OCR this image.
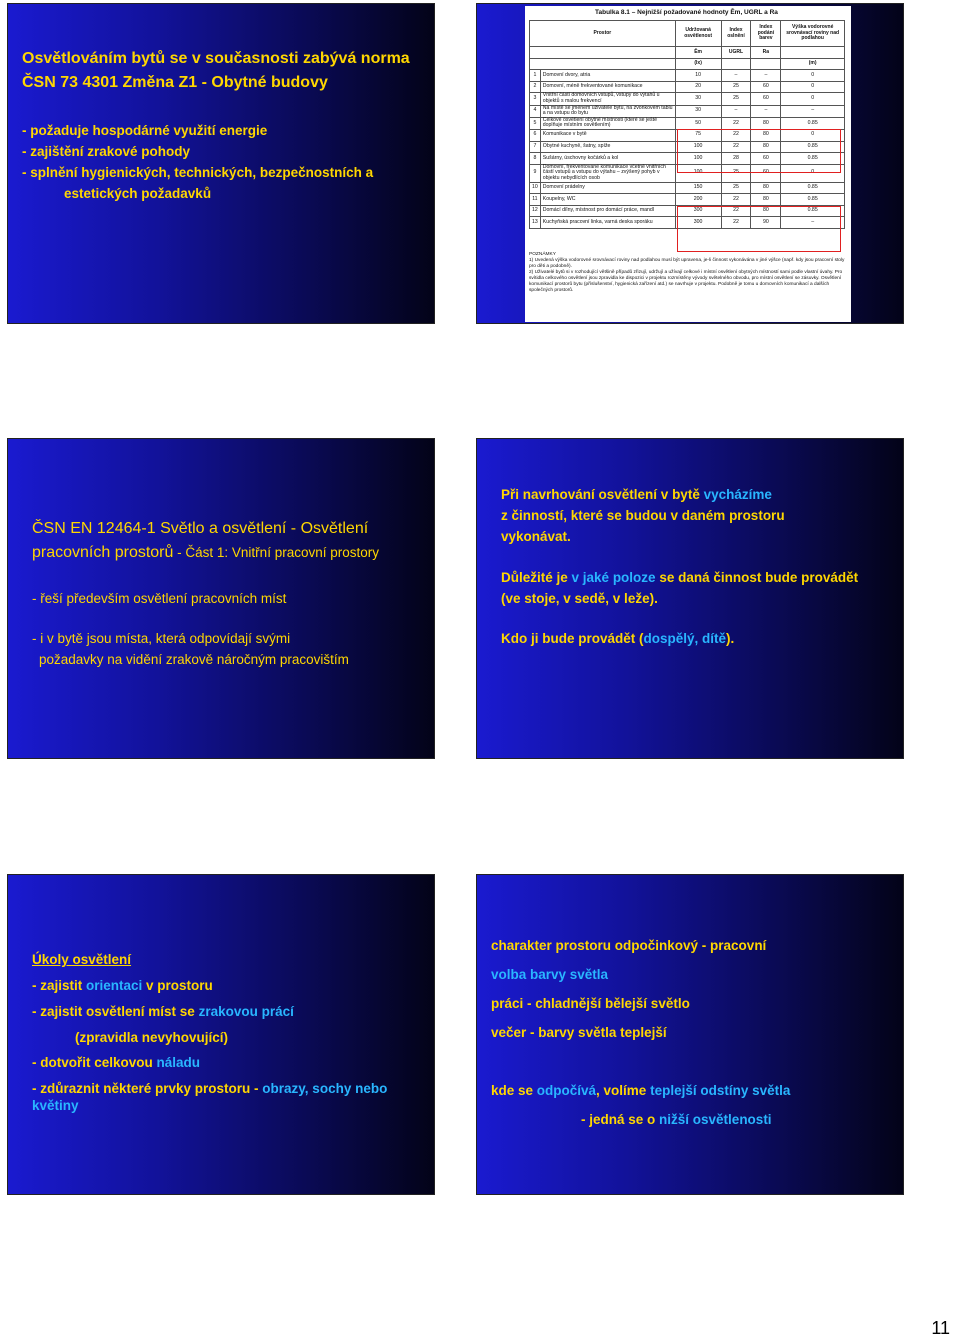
Osvětlováním bytů se v současnosti zabývá norma ČSN 73 4301 Změna Z1 - Obytné budovy
- požaduje hospodárné využití energie
- zajištění zrakové pohody
- splnění hygienických, technických, bezpečnostních a
estetických požadavků
Tabulka 8.1 – Nejnižší požadované hodnoty Ēm, UGRL a Ra
Prostor		Udržovaná osvětlenost	Index oslnění	Index podání barev	Výška vodorovné srovnávací roviny nad podlahou
		Ēm	UGRL	Ra	
		(lx)			(m)
1	Domovní dvory, atria	10	–	–	0
2	Domovní, méně frekventované komunikace	20	25	60	0
3	Vnitřní části domovních vstupů, vstupy do výtahů u objektů s malou frekvencí	30	25	60	0
4	Na místě se jménem uživatele bytu, na zvonkovém tablu a na vstupu do bytu	30	–	–	–
5	Celkové osvětlení obytné místnosti (které se ještě doplňuje místním osvětlením)	50	22	80	0.85
6	Komunikace v bytě	75	22	80	0
7	Obytné kuchyně, šatny, spíže	100	22	80	0.85
8	Sušárny, úschovny kočárků a kol	100	28	60	0.85
9	Domovní, frekventované komunikace včetně vnitřních částí vstupů a vstupu do výtahu – zvýšený pohyb v objektu nebydlících osob	100	25	60	0
10	Domovní prádelny	150	25	80	0.85
11	Koupelny, WC	200	22	80	0.85
12	Domácí dílny, místnost pro domácí práce, mandl	300	22	80	0.85
13	Kuchyňská pracovní linka, varná deska sporáku	300	22	90	–
POZNÁMKY
1) Uvedená výška vodorovné srovnávací roviny nad podlahou musí být upravena, je-li činnost vykonávána v jiné výšce (např. kdy jsou pracovní stoly pro děti a podobně).
2) Uživatelé bytů si v rozhodující většině případů zřizují, udržují a užívají celkové i místní osvětlení obytných místností sami podle vlastní úvahy. Pro svítidla celkového osvětlení jsou zpravidla ke dispozici v projektu rozmístěny vývody světelného obvodu, pro místní osvětlení se zásuvky. Osvětlení komunikací prostorů bytu (příslušenství, hygienická zařízení atd.) se navrhuje v projektu. Podobně je tomu u domovních komunikací a dalších společných prostorů.
ČSN EN 12464-1 Světlo a osvětlení - Osvětlení
pracovních prostorů - Část 1: Vnitřní pracovní prostory
- řeší především osvětlení pracovních míst
- i v bytě jsou místa, která odpovídají svými
požadavky na vidění zrakově náročným pracovištím
Při navrhování osvětlení v bytě vycházíme
z činností, které se budou v daném prostoru
vykonávat.
Důležité je v jaké poloze se daná činnost bude provádět
(ve stoje, v sedě, v leže).
Kdo ji bude provádět (dospělý, dítě).
Úkoly osvětlení
- zajistit orientaci v prostoru
- zajistit osvětlení míst se zrakovou prácí
(zpravidla nevyhovující)
- dotvořit celkovou náladu
- zdůraznit některé prvky prostoru - obrazy, sochy nebo
květiny
charakter prostoru odpočinkový - pracovní
volba barvy světla
práci - chladnější bělejší světlo
večer - barvy světla teplejší
kde se odpočívá, volíme teplejší odstíny světla
- jedná se o nižší osvětlenosti
11
